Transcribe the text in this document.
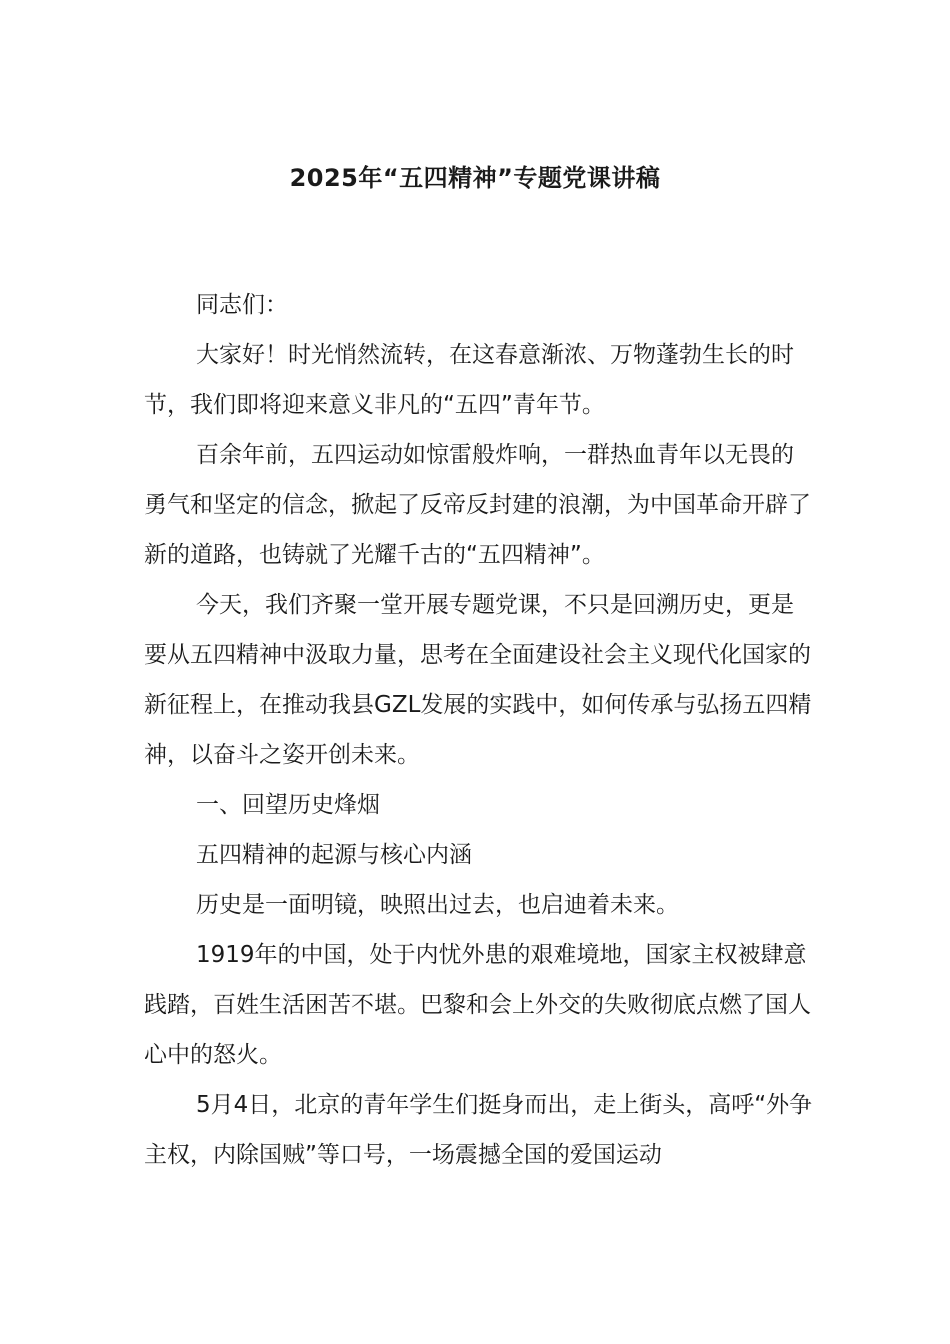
2025年“五四精神”专题党课讲稿

同志们：

大家好！时光悄然流转，在这春意渐浓、万物蓬勃生长的时节，我们即将迎来意义非凡的“五四”青年节。

百余年前，五四运动如惊雷般炸响，一群热血青年以无畏的勇气和坚定的信念，掀起了反帝反封建的浪潮，为中国革命开辟了新的道路，也铸就了光耀千古的“五四精神”。

今天，我们齐聚一堂开展专题党课，不只是回溯历史，更是要从五四精神中汲取力量，思考在全面建设社会主义现代化国家的新征程上，在推动我县GZL发展的实践中，如何传承与弘扬五四精神，以奋斗之姿开创未来。

一、回望历史烽烟

五四精神的起源与核心内涵

历史是一面明镜，映照出过去，也启迪着未来。

1919年的中国，处于内忧外患的艰难境地，国家主权被肆意践踏，百姓生活困苦不堪。巴黎和会上外交的失败彻底点燃了国人心中的怒火。

5月4日，北京的青年学生们挺身而出，走上街头，高呼“外争主权，内除国贼”等口号，一场震撼全国的爱国运动
